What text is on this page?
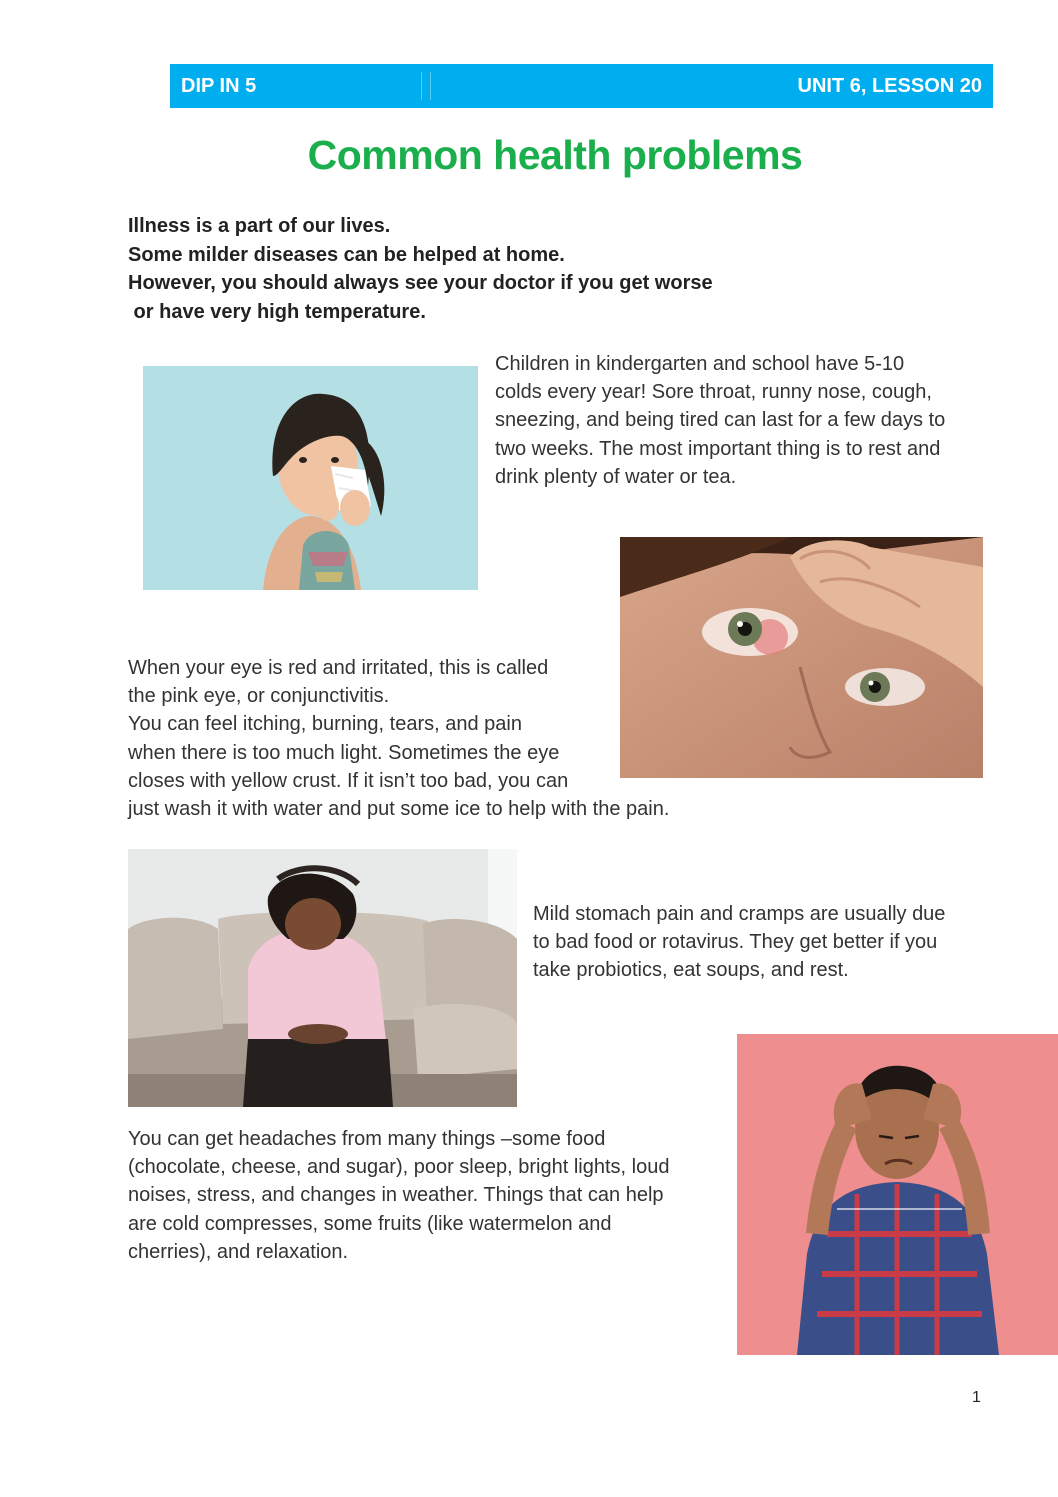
DIP IN 5	UNIT 6, LESSON 20
Common health problems
Illness is a part of our lives.
Some milder diseases can be helped at home.
However, you should always see your doctor if you get worse
or have very high temperature.
Children in kindergarten and school have 5-10
colds every year! Sore throat, runny nose, cough,
sneezing, and being tired can last for a few days to
two weeks. The most important thing is to rest and
drink plenty of water or tea.
When your eye is red and irritated, this is called
the pink eye, or conjunctivitis.
You can feel itching, burning, tears, and pain
when there is too much light. Sometimes the eye
closes with yellow crust. If it isn’t too bad, you can
just wash it with water and put some ice to help with the pain.
Mild stomach pain and cramps are usually due
to bad food or rotavirus. They get better if you
take probiotics, eat soups, and rest.
You can get headaches from many things –some food
(chocolate, cheese, and sugar), poor sleep, bright lights, loud
noises, stress, and changes in weather. Things that can help
are cold compresses, some fruits (like watermelon and
cherries), and relaxation.
1
